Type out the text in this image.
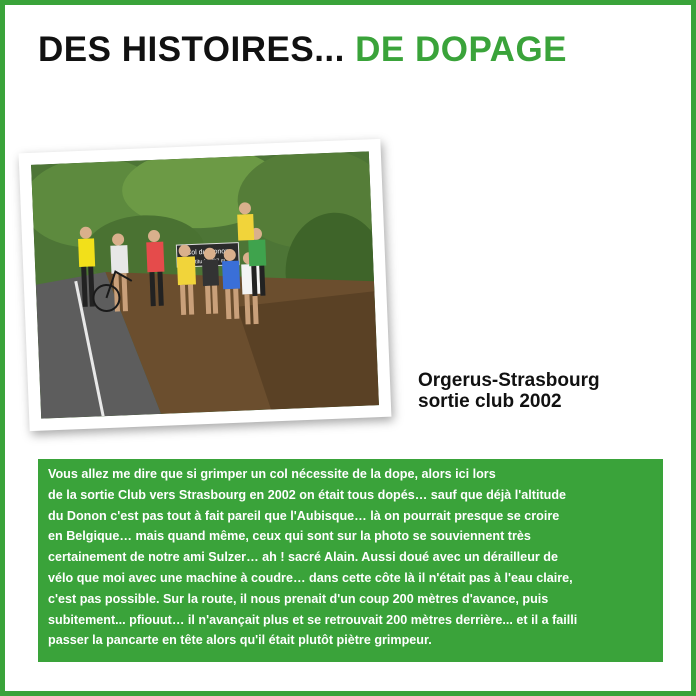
DES HISTOIRES... DE DOPAGE
Col du Donon
altitude m
Orgerus-Strasbourg
sortie club 2002

Vous allez me dire que si grimper un col nécessite de la dope, alors ici lors
de la sortie Club vers Strasbourg en 2002 on était tous dopés… sauf que déjà l'altitude
du Donon c'est pas tout à fait pareil que l'Aubisque… là on pourrait presque se croire
en Belgique… mais quand même, ceux qui sont sur la photo se souviennent très
certainement de notre ami Sulzer… ah ! sacré Alain. Aussi doué avec un dérailleur de
vélo que moi avec une machine à coudre… dans cette côte là il n'était pas à l'eau claire,
c'est pas possible. Sur la route, il nous prenait d'un coup 200 mètres d'avance, puis
subitement... pfiouut… il n'avançait plus et se retrouvait 200 mètres derrière... et il a failli
passer la pancarte en tête alors qu'il était plutôt piètre grimpeur.
